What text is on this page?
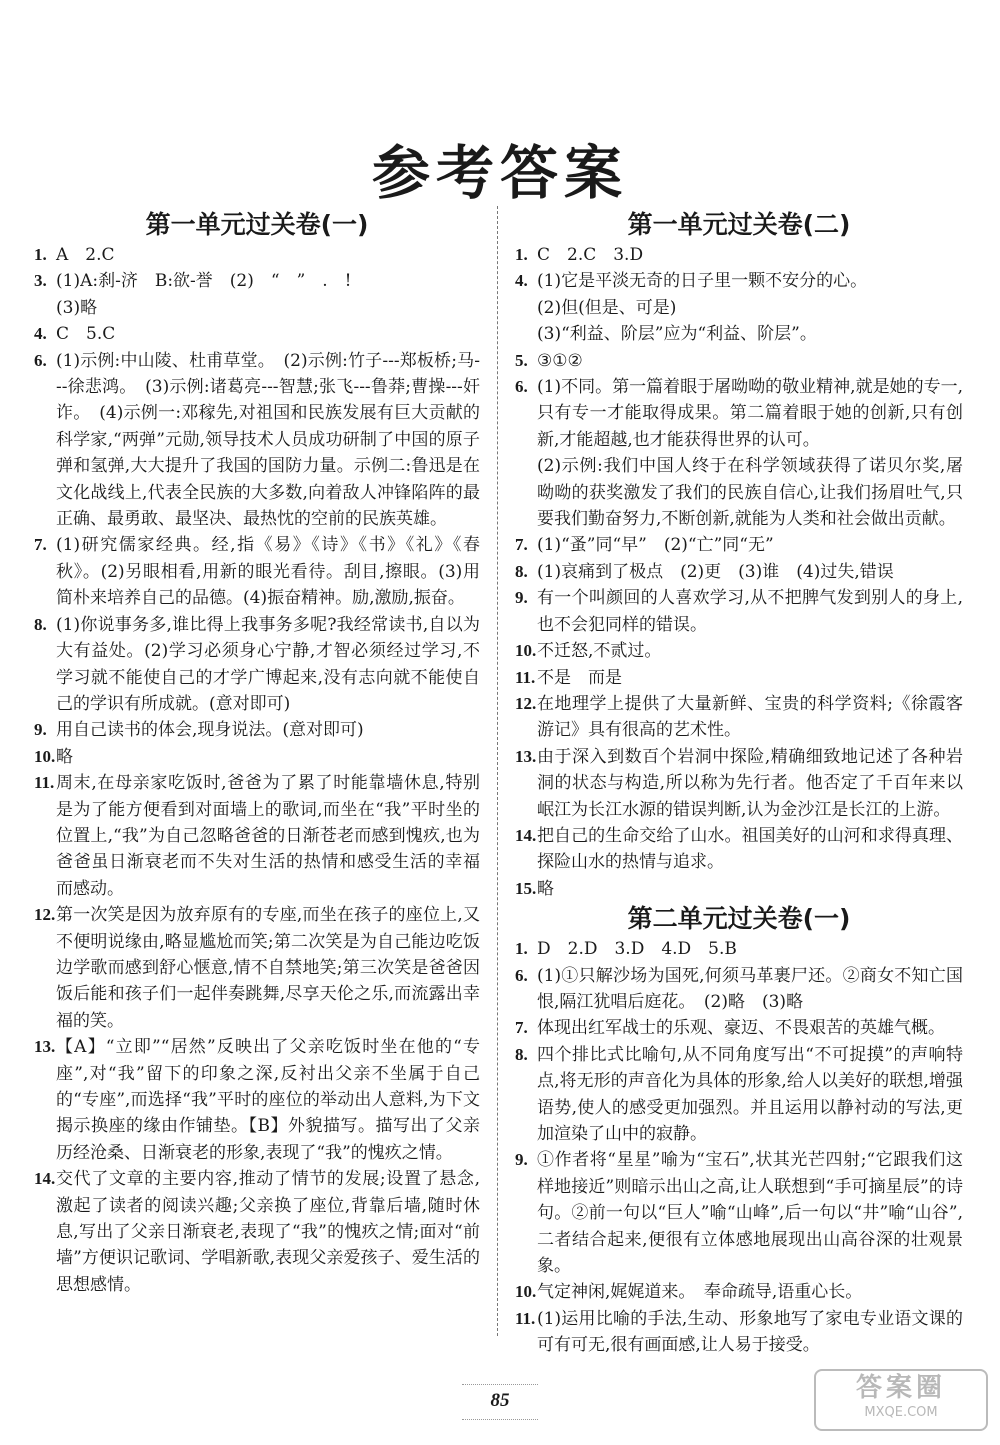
参考答案
第一单元过关卷(一)
1. A　2.C
3. (1)A:刹-济　B:欲-誉　(2)　“　”　.　!
(3)略
4. C　5.C
6. (1)示例:中山陵、杜甫草堂。　(2)示例:竹子---郑板桥;马---徐悲鸿。　(3)示例:诸葛亮---智慧;张飞---鲁莽;曹操---奸诈。　(4)示例一:邓稼先,对祖国和民族发展有巨大贡献的科学家,“两弹”元勋,领导技术人员成功研制了中国的原子弹和氢弹,大大提升了我国的国防力量。示例二:鲁迅是在文化战线上,代表全民族的大多数,向着敌人冲锋陷阵的最正确、最勇敢、最坚决、最热忱的空前的民族英雄。
7. (1)研究儒家经典。经,指《易》《诗》《书》《礼》《春秋》。(2)另眼相看,用新的眼光看待。刮目,擦眼。(3)用简朴来培养自己的品德。(4)振奋精神。励,激励,振奋。
8. (1)你说事务多,谁比得上我事务多呢?我经常读书,自以为大有益处。(2)学习必须身心宁静,才智必须经过学习,不学习就不能使自己的才学广博起来,没有志向就不能使自己的学识有所成就。(意对即可)
9. 用自己读书的体会,现身说法。(意对即可)
10. 略
11. 周末,在母亲家吃饭时,爸爸为了累了时能靠墙休息,特别是为了能方便看到对面墙上的歌词,而坐在“我”平时坐的位置上,“我”为自己忽略爸爸的日渐苍老而感到愧疚,也为爸爸虽日渐衰老而不失对生活的热情和感受生活的幸福而感动。
12. 第一次笑是因为放弃原有的专座,而坐在孩子的座位上,又不便明说缘由,略显尴尬而笑;第二次笑是为自己能边吃饭边学歌而感到舒心惬意,情不自禁地笑;第三次笑是爸爸因饭后能和孩子们一起伴奏跳舞,尽享天伦之乐,而流露出幸福的笑。
13. 【A】“立即”“居然”反映出了父亲吃饭时坐在他的“专座”,对“我”留下的印象之深,反衬出父亲不坐属于自己的“专座”,而选择“我”平时的座位的举动出人意料,为下文揭示换座的缘由作铺垫。【B】外貌描写。描写出了父亲历经沧桑、日渐衰老的形象,表现了“我”的愧疚之情。
14. 交代了文章的主要内容,推动了情节的发展;设置了悬念,激起了读者的阅读兴趣;父亲换了座位,背靠后墙,随时休息,写出了父亲日渐衰老,表现了“我”的愧疚之情;面对“前墙”方便识记歌词、学唱新歌,表现父亲爱孩子、爱生活的思想感情。
第一单元过关卷(二)
1. C　2.C　3.D
4. (1)它是平淡无奇的日子里一颗不安分的心。
(2)但(但是、可是)
(3)“利益、阶层”应为“利益、阶层”。
5. ③①②
6. (1)不同。第一篇着眼于屠呦呦的敬业精神,就是她的专一,只有专一才能取得成果。第二篇着眼于她的创新,只有创新,才能超越,也才能获得世界的认可。
(2)示例:我们中国人终于在科学领域获得了诺贝尔奖,屠呦呦的获奖激发了我们的民族自信心,让我们扬眉吐气,只要我们勤奋努力,不断创新,就能为人类和社会做出贡献。
7. (1)“蚤”同“早”　(2)“亡”同“无”
8. (1)哀痛到了极点　(2)更　(3)谁　(4)过失,错误
9. 有一个叫颜回的人喜欢学习,从不把脾气发到别人的身上,也不会犯同样的错误。
10. 不迁怒,不贰过。
11. 不是　而是
12. 在地理学上提供了大量新鲜、宝贵的科学资料;《徐霞客游记》具有很高的艺术性。
13. 由于深入到数百个岩洞中探险,精确细致地记述了各种岩洞的状态与构造,所以称为先行者。他否定了千百年来以岷江为长江水源的错误判断,认为金沙江是长江的上游。
14. 把自己的生命交给了山水。祖国美好的山河和求得真理、探险山水的热情与追求。
15. 略
第二单元过关卷(一)
1. D　2.D　3.D　4.D　5.B
6. (1)①只解沙场为国死,何须马革裹尸还。②商女不知亡国恨,隔江犹唱后庭花。　(2)略　(3)略
7. 体现出红军战士的乐观、豪迈、不畏艰苦的英雄气概。
8. 四个排比式比喻句,从不同角度写出“不可捉摸”的声响特点,将无形的声音化为具体的形象,给人以美好的联想,增强语势,使人的感受更加强烈。并且运用以静衬动的写法,更加渲染了山中的寂静。
9. ①作者将“星星”喻为“宝石”,状其光芒四射;“它跟我们这样地接近”则暗示出山之高,让人联想到“手可摘星辰”的诗句。②前一句以“巨人”喻“山峰”,后一句以“井”喻“山谷”,二者结合起来,便很有立体感地展现出山高谷深的壮观景象。
10. 气定神闲,娓娓道来。　奉命疏导,语重心长。
11. (1)运用比喻的手法,生动、形象地写了家电专业语文课的可有可无,很有画面感,让人易于接受。
85	答案圈
MXQE.COM
